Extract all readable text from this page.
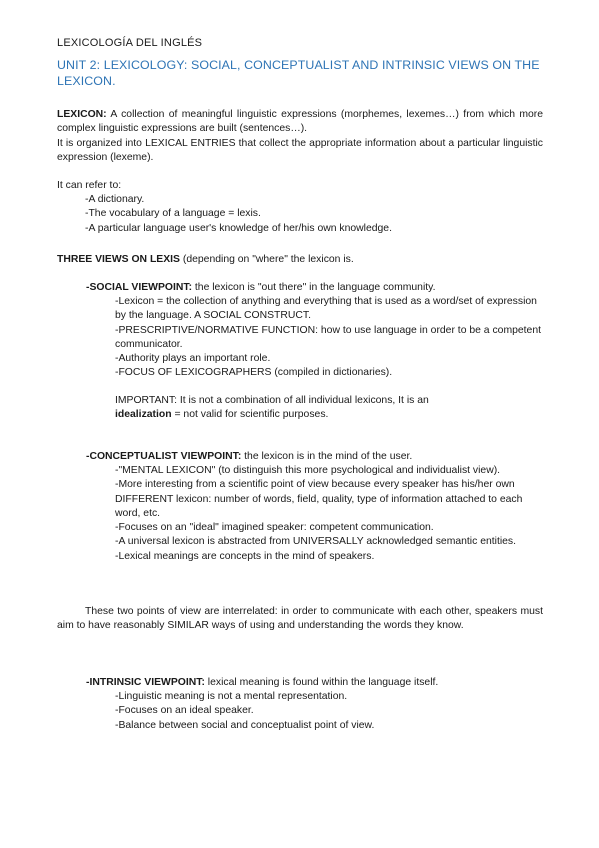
LEXICOLOGÍA DEL INGLÉS
UNIT 2: LEXICOLOGY: SOCIAL, CONCEPTUALIST AND INTRINSIC VIEWS ON THE LEXICON.
LEXICON: A collection of meaningful linguistic expressions (morphemes, lexemes…) from which more complex linguistic expressions are built (sentences…).
It is organized into LEXICAL ENTRIES that collect the appropriate information about a particular linguistic expression (lexeme).
It can refer to:
-A dictionary.
-The vocabulary of a language = lexis.
-A particular language user's knowledge of her/his own knowledge.
THREE VIEWS ON LEXIS (depending on "where" the lexicon is.
-SOCIAL VIEWPOINT: the lexicon is "out there" in the language community.
-Lexicon = the collection of anything and everything that is used as a word/set of expression by the language. A SOCIAL CONSTRUCT.
-PRESCRIPTIVE/NORMATIVE FUNCTION: how to use language in order to be a competent communicator.
-Authority plays an important role.
-FOCUS OF LEXICOGRAPHERS (compiled in dictionaries).
IMPORTANT: It is not a combination of all individual lexicons, It is an
idealization = not valid for scientific purposes.
-CONCEPTUALIST VIEWPOINT: the lexicon is in the mind of the user.
-"MENTAL LEXICON" (to distinguish this more psychological and individualist view).
-More interesting from a scientific point of view because every speaker has his/her own DIFFERENT lexicon: number of words, field, quality, type of information attached to each              word, etc.
-Focuses on an "ideal" imagined speaker: competent communication.
-A universal lexicon is abstracted from UNIVERSALLY acknowledged semantic entities.
-Lexical meanings are concepts in the mind of speakers.
These two points of view are interrelated: in order to communicate with each other, speakers must aim to have reasonably SIMILAR ways of using and understanding the words they know.
-INTRINSIC VIEWPOINT: lexical meaning is found within the language itself.
-Linguistic meaning is not a mental representation.
-Focuses on an ideal speaker.
-Balance between social and conceptualist point of view.
